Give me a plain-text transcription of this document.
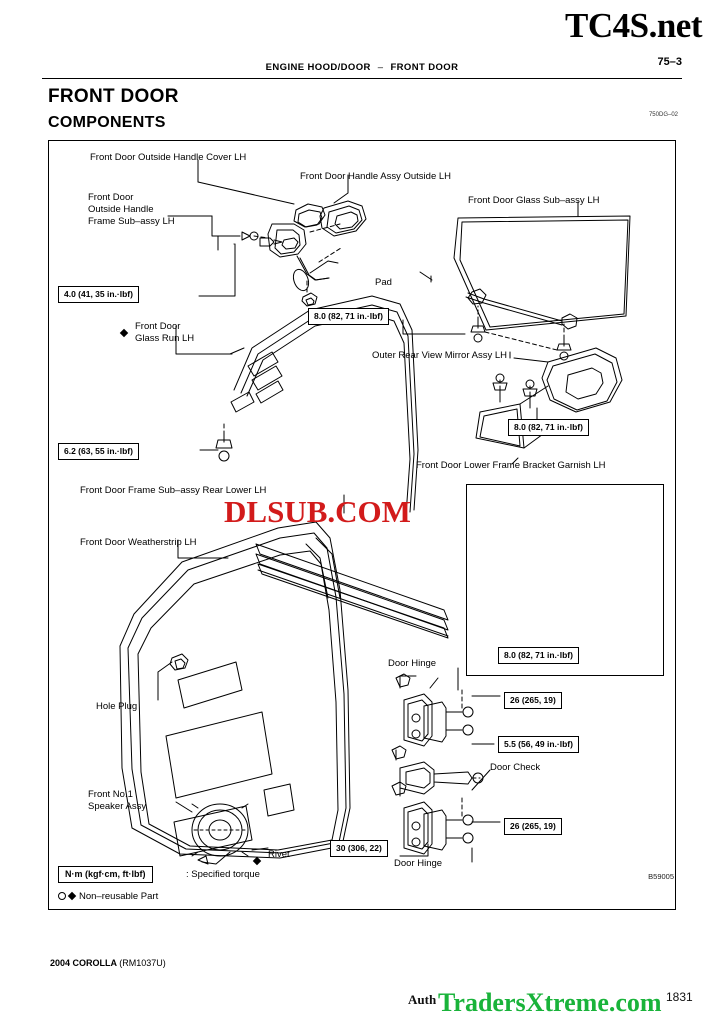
TC4S.net
75–3
ENGINE HOOD/DOOR – FRONT DOOR
FRONT DOOR
COMPONENTS	750DG–02
8.0 (82, 71 in.·lbf)
Front Door Outside Handle Cover LH
Front Door Handle Assy Outside LH
Front Door Glass Sub–assy LH
Front Door
Outside Handle
Frame Sub–assy LH
Pad
Front Door
Glass Run LH
Outer Rear View Mirror Assy LH
Front Door Lower Frame Bracket Garnish LH
Front Door Frame Sub–assy Rear Lower LH
Front Door Weatherstrip LH
Door Hinge
Door Check
Hole Plug
Front No.1
Speaker Assy
Rivet
Door Hinge
4.0 (41, 35 in.·lbf)
8.0 (82, 71 in.·lbf)
6.2 (63, 55 in.·lbf)
8.0 (82, 71 in.·lbf)
26 (265, 19)
5.5 (56, 49 in.·lbf)
26 (265, 19)
30 (306, 22)
N·m (kgf·cm, ft·lbf)	: Specified torque
Non–reusable Part
B59005
2004 COROLLA (RM1037U)
1831
Auth
DLSUB.COM
TradersXtreme.com
